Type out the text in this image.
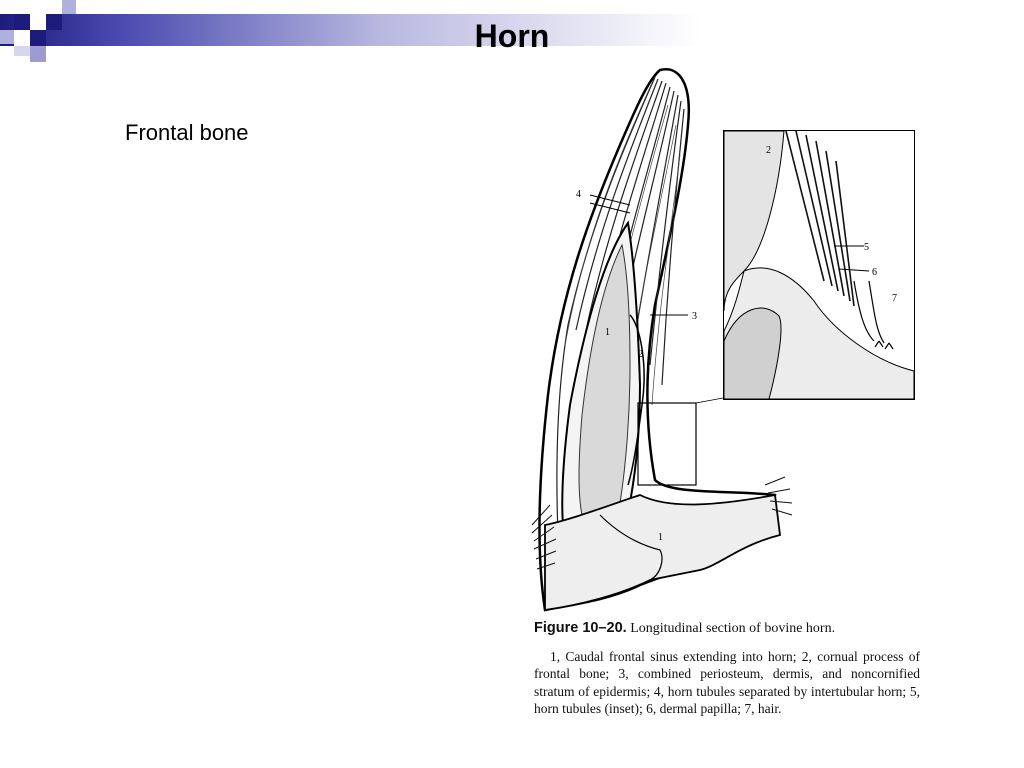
Horn
Frontal bone
4
3
1
2
1
2
5
6
7
Figure 10–20. Longitudinal section of bovine horn.
1, Caudal frontal sinus extending into horn; 2, cornual process of frontal bone; 3, combined periosteum, dermis, and noncornified stratum of epidermis; 4, horn tubules separated by intertubular horn; 5, horn tubules (inset); 6, dermal papilla; 7, hair.
